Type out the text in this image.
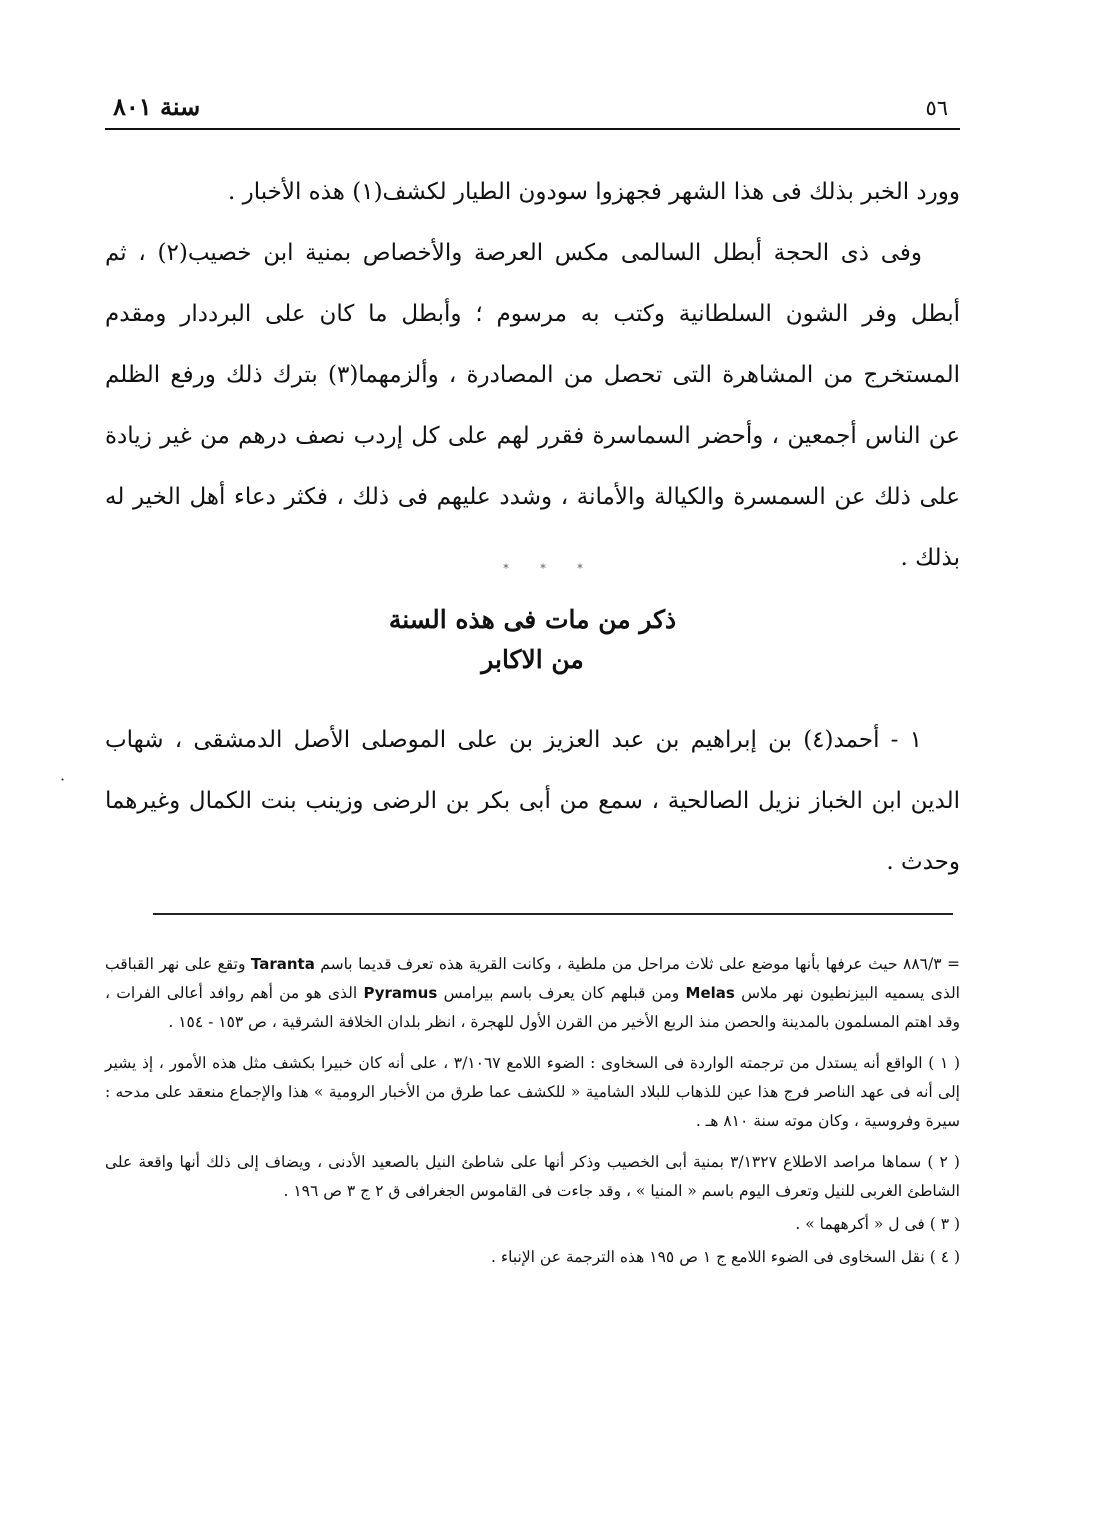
٥٦
سنة ٨٠١

وورد الخبر بذلك فى هذا الشهر فجهزوا سودون الطيار لكشف(١) هذه الأخبار .

وفى ذى الحجة أبطل السالمى مكس العرصة والأخصاص بمنية ابن خصيب(٢) ، ثم أبطل وفر الشون السلطانية وكتب به مرسوم ؛ وأبطل ما كان على البرددار ومقدم المستخرج من المشاهرة التى تحصل من المصادرة ، وألزمهما(٣) بترك ذلك ورفع الظلم عن الناس أجمعين ، وأحضر السماسرة فقرر لهم على كل إردب نصف درهم من غير زيادة على ذلك عن السمسرة والكيالة والأمانة ، وشدد عليهم فى ذلك ، فكثر دعاء أهل الخير له بذلك .

* * *
ذكر من مات فى هذه السنة
من الاكابر

١ - أحمد(٤) بن إبراهيم بن عبد العزيز بن على الموصلى الأصل الدمشقى ، شهاب الدين ابن الخباز نزيل الصالحية ، سمع من أبى بكر بن الرضى وزينب بنت الكمال وغيرهما وحدث .

·

= ٨٨٦/٣ حيث عرفها بأنها موضع على ثلاث مراحل من ملطية ، وكانت القرية هذه تعرف قديما باسم Taranta وتقع على نهر القباقب الذى يسميه البيزنطيون نهر ملاس Melas ومن قبلهم كان يعرف باسم بيرامس Pyramus الذى هو من أهم روافد أعالى الفرات ، وقد اهتم المسلمون بالمدينة والحصن منذ الربع الأخير من القرن الأول للهجرة ، انظر بلدان الخلافة الشرقية ، ص ١٥٣ - ١٥٤ .

( ١ ) الواقع أنه يستدل من ترجمته الواردة فى السخاوى : الضوء اللامع ٣/١٠٦٧ ، على أنه كان خبيرا بكشف مثل هذه الأمور ، إذ يشير إلى أنه فى عهد الناصر فرج هذا عين للذهاب للبلاد الشامية « للكشف عما طرق من الأخبار الرومية » هذا والإجماع منعقد على مدحه : سيرة وفروسية ، وكان موته سنة ٨١٠ هـ .

( ٢ ) سماها مراصد الاطلاع ٣/١٣٢٧ بمنية أبى الخصيب وذكر أنها على شاطئ النيل بالصعيد الأدنى ، ويضاف إلى ذلك أنها واقعة على الشاطئ الغربى للنيل وتعرف اليوم باسم « المنيا » ، وقد جاءت فى القاموس الجغرافى ق ٢ ج ٣ ص ١٩٦ .

( ٣ ) فى ل « أكرههما » .

( ٤ ) نقل السخاوى فى الضوء اللامع ج ١ ص ١٩٥ هذه الترجمة عن الإنباء .
